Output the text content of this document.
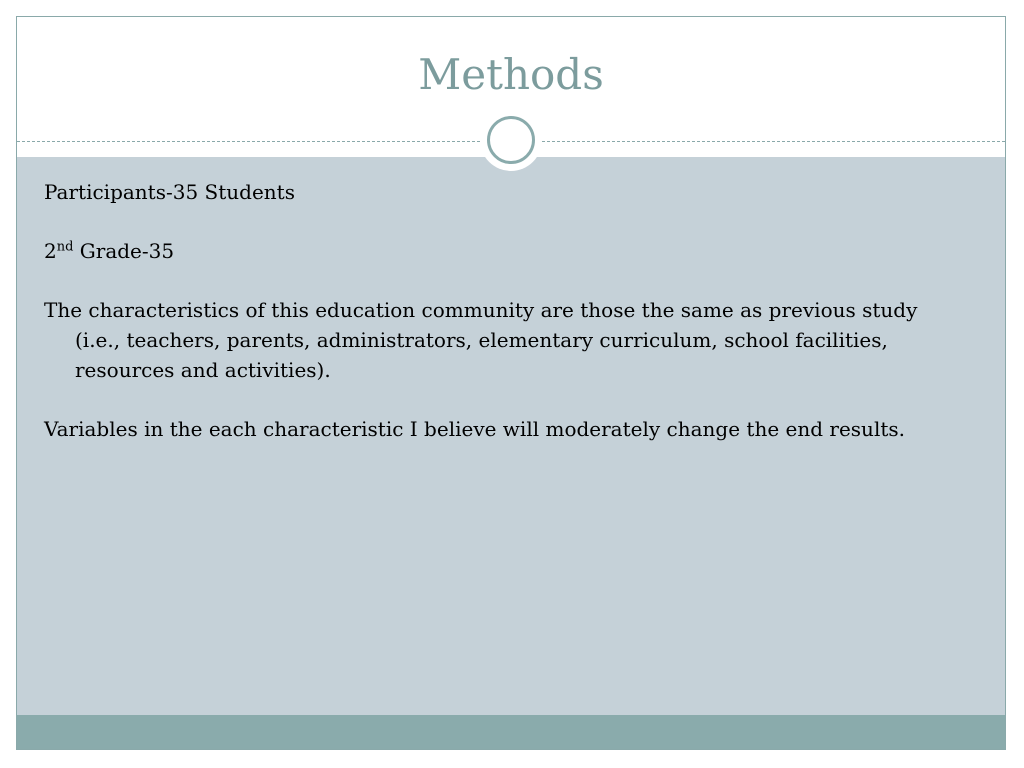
Methods
Participants-35 Students
2nd Grade-35
The characteristics of this education community are those the same as previous study (i.e., teachers, parents, administrators, elementary curriculum, school facilities, resources and activities).
Variables in the each characteristic I believe will moderately change the end results.
